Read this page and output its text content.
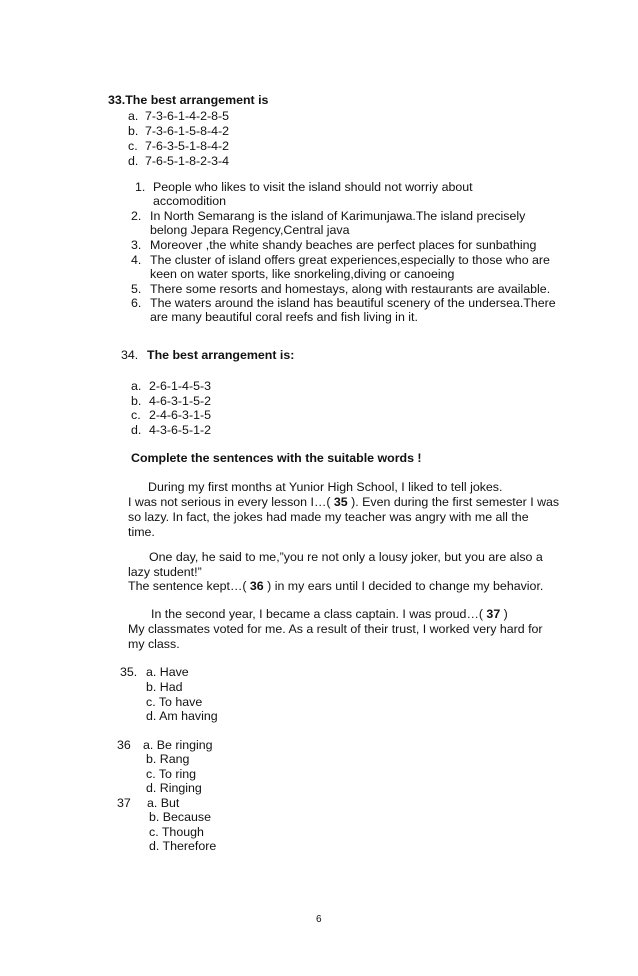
33.The best arrangement is
a. 7-3-6-1-4-2-8-5
b. 7-3-6-1-5-8-4-2
c. 7-6-3-5-1-8-4-2
d. 7-6-5-1-8-2-3-4
1. People who likes to visit the island should not worriy about
accomodition
2. In North Semarang is the island of Karimunjawa.The island precisely
belong Jepara Regency,Central java
3. Moreover ,the white shandy beaches are perfect places for sunbathing
4. The cluster of island offers great experiences,especially to those who are
keen on water sports, like snorkeling,diving or canoeing
5. There some resorts and homestays, along with restaurants are available.
6. The waters around the island has beautiful scenery of the undersea.There
are many beautiful coral reefs and fish living in it.
34. The best arrangement is:
a. 2-6-1-4-5-3
b. 4-6-3-1-5-2
c. 2-4-6-3-1-5
d. 4-3-6-5-1-2
Complete the sentences with the suitable words !
During my first months at Yunior High School, I liked to tell jokes.
I was not serious in every lesson I…( 35 ). Even during the first semester I was
so lazy. In fact, the jokes had made my teacher was angry with me all the
time.
One day, he said to me,”you re not only a lousy joker, but you are also a
lazy student!”
The sentence kept…( 36 ) in my ears until I decided to change my behavior.
In the second year, I became a class captain. I was proud…( 37 )
My classmates voted for me. As a result of their trust, I worked very hard for
my class.
35. a. Have
b. Had
c. To have
d. Am having
36 a. Be ringing
b. Rang
c. To ring
d. Ringing
37 a. But
b. Because
c. Though
d. Therefore
6
